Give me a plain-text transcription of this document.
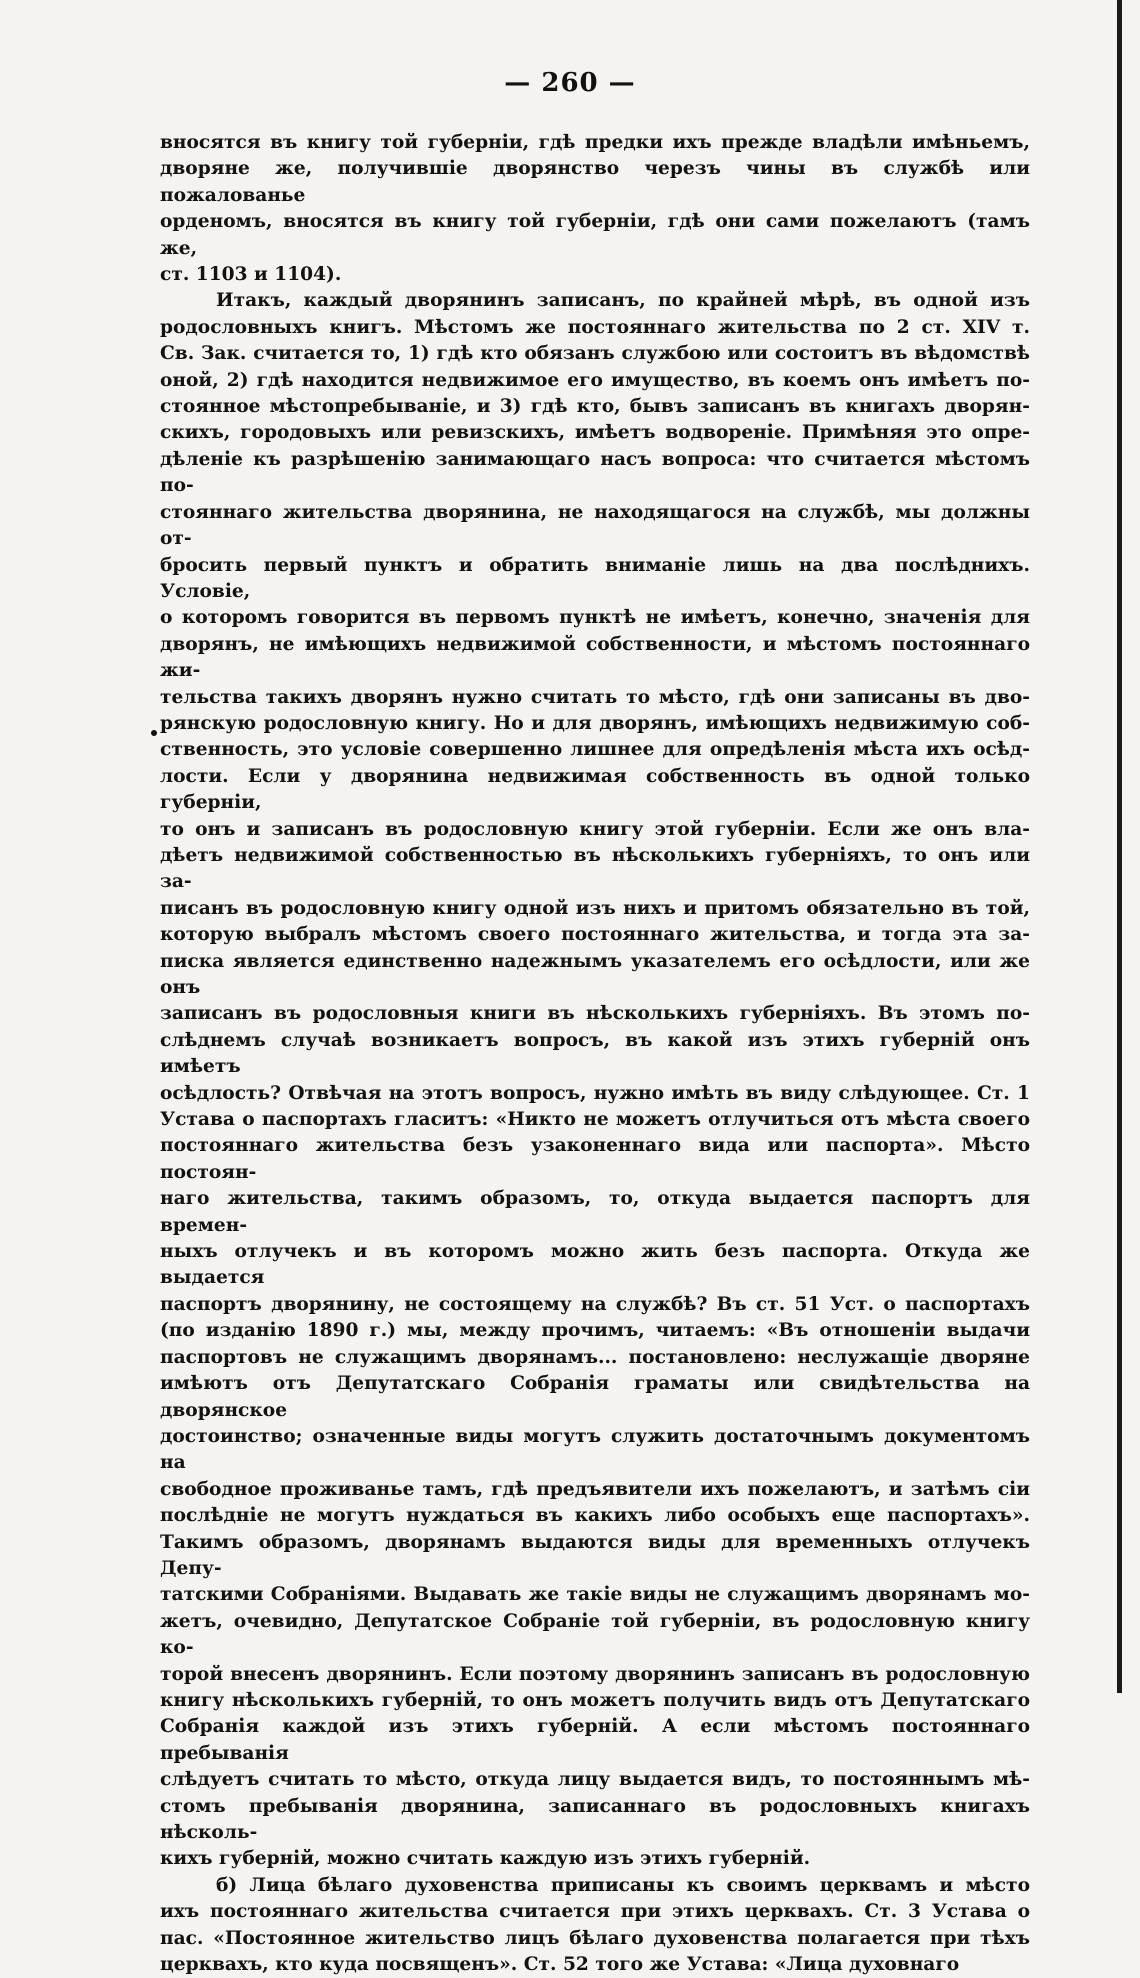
— 260 —
вносятся въ книгу той губерніи, гдѣ предки ихъ прежде владѣли имѣньемъ,
дворяне же, получившіе дворянство черезъ чины въ службѣ или пожалованье
орденомъ, вносятся въ книгу той губерніи, гдѣ они сами пожелаютъ (тамъ же,
ст. 1103 и 1104).
Итакъ, каждый дворянинъ записанъ, по крайней мѣрѣ, въ одной изъ
родословныхъ книгъ. Мѣстомъ же постояннаго жительства по 2 ст. XIV т.
Св. Зак. считается то, 1) гдѣ кто обязанъ службою или состоитъ въ вѣдомствѣ
оной, 2) гдѣ находится недвижимое его имущество, въ коемъ онъ имѣетъ по-
стоянное мѣстопребываніе, и 3) гдѣ кто, бывъ записанъ въ книгахъ дворян-
скихъ, городовыхъ или ревизскихъ, имѣетъ водвореніе. Примѣняя это опре-
дѣленіе къ разрѣшенію занимающаго насъ вопроса: что считается мѣстомъ по-
стояннаго жительства дворянина, не находящагося на службѣ, мы должны от-
бросить первый пунктъ и обратить вниманіе лишь на два послѣднихъ. Условіе,
о которомъ говорится въ первомъ пунктѣ не имѣетъ, конечно, значенія для
дворянъ, не имѣющихъ недвижимой собственности, и мѣстомъ постояннаго жи-
тельства такихъ дворянъ нужно считать то мѣсто, гдѣ они записаны въ дво-
рянскую родословную книгу. Но и для дворянъ, имѣющихъ недвижимую соб-
ственность, это условіе совершенно лишнее для опредѣленія мѣста ихъ осѣд-
лости. Если у дворянина недвижимая собственность въ одной только губерніи,
то онъ и записанъ въ родословную книгу этой губерніи. Если же онъ вла-
дѣетъ недвижимой собственностью въ нѣсколькихъ губерніяхъ, то онъ или за-
писанъ въ родословную книгу одной изъ нихъ и притомъ обязательно въ той,
которую выбралъ мѣстомъ своего постояннаго жительства, и тогда эта за-
писка является единственно надежнымъ указателемъ его осѣдлости, или же онъ
записанъ въ родословныя книги въ нѣсколькихъ губерніяхъ. Въ этомъ по-
слѣднемъ случаѣ возникаетъ вопросъ, въ какой изъ этихъ губерній онъ имѣетъ
осѣдлость? Отвѣчая на этотъ вопросъ, нужно имѣть въ виду слѣдующее. Ст. 1
Устава о паспортахъ гласитъ: «Никто не можетъ отлучиться отъ мѣста своего
постояннаго жительства безъ узаконеннаго вида или паспорта». Мѣсто постоян-
наго жительства, такимъ образомъ, то, откуда выдается паспортъ для времен-
ныхъ отлучекъ и въ которомъ можно жить безъ паспорта. Откуда же выдается
паспортъ дворянину, не состоящему на службѣ? Въ ст. 51 Уст. о паспортахъ
(по изданію 1890 г.) мы, между прочимъ, читаемъ: «Въ отношеніи выдачи
паспортовъ не служащимъ дворянамъ... постановлено: неслужащіе дворяне
имѣютъ отъ Депутатскаго Собранія граматы или свидѣтельства на дворянское
достоинство; означенные виды могутъ служить достаточнымъ документомъ на
свободное проживанье тамъ, гдѣ предъявители ихъ пожелаютъ, и затѣмъ сіи
послѣдніе не могутъ нуждаться въ какихъ либо особыхъ еще паспортахъ».
Такимъ образомъ, дворянамъ выдаются виды для временныхъ отлучекъ Депу-
татскими Собраніями. Выдавать же такіе виды не служащимъ дворянамъ мо-
жетъ, очевидно, Депутатское Собраніе той губерніи, въ родословную книгу ко-
торой внесенъ дворянинъ. Если поэтому дворянинъ записанъ въ родословную
книгу нѣсколькихъ губерній, то онъ можетъ получить видъ отъ Депутатскаго
Собранія каждой изъ этихъ губерній. А если мѣстомъ постояннаго пребыванія
слѣдуетъ считать то мѣсто, откуда лицу выдается видъ, то постояннымъ мѣ-
стомъ пребыванія дворянина, записаннаго въ родословныхъ книгахъ нѣсколь-
кихъ губерній, можно считать каждую изъ этихъ губерній.
б) Лица бѣлаго духовенства приписаны къ своимъ церквамъ и мѣсто
ихъ постояннаго жительства считается при этихъ церквахъ. Ст. 3 Устава о
пас. «Постоянное жительство лицъ бѣлаго духовенства полагается при тѣхъ
церквахъ, кто куда посвященъ». Ст. 52 того же Устава: «Лица духовнаго
